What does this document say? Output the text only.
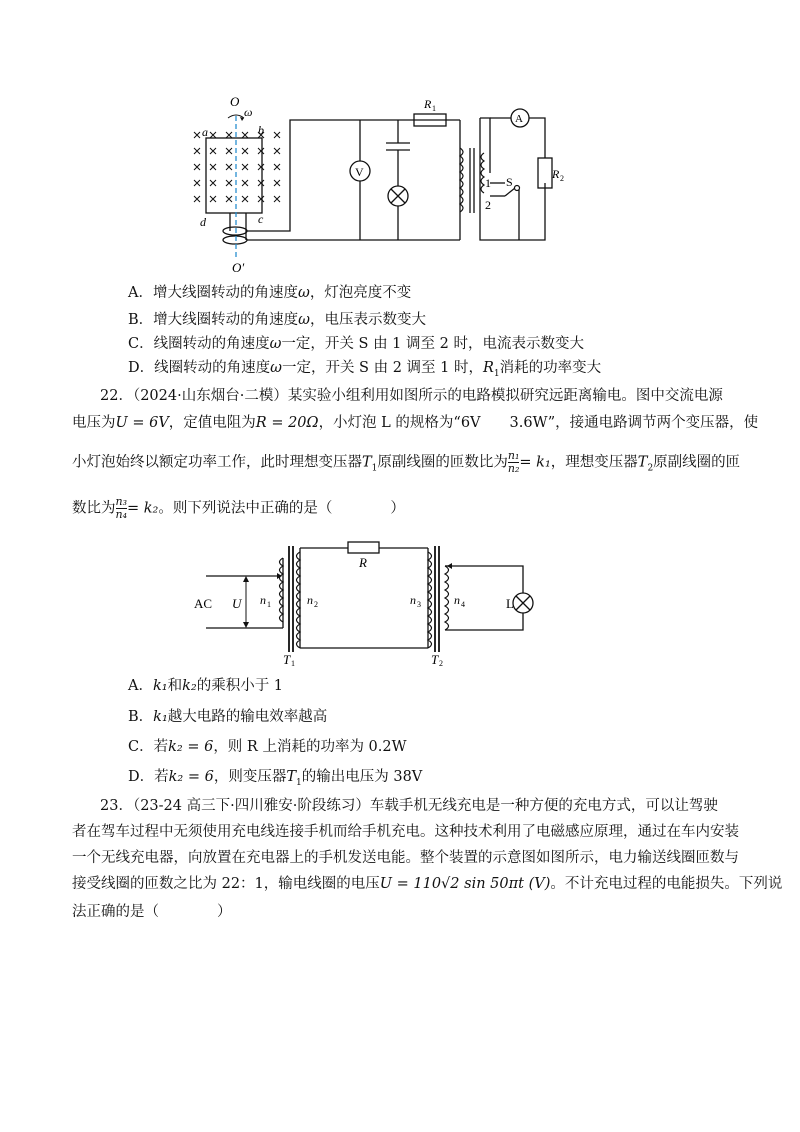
V
A
O
ω
O′
a	b
c
d
R 1
R 2
S
1
2
A．增大线圈转动的角速度ω，灯泡亮度不变
B．增大线圈转动的角速度ω，电压表示数变大
C．线圈转动的角速度ω一定，开关 S 由 1 调至 2 时，电流表示数变大
D．线圈转动的角速度ω一定，开关 S 由 2 调至 1 时，$R_1$消耗的功率变大
22．（2024·山东烟台·二模）某实验小组利用如图所示的电路模拟研究远距离输电。图中交流电源
电压为U = 6V，定值电阻为R = 20Ω，小灯泡 L 的规格为“6V　　3.6W”，接通电路调节两个变压器，使
小灯泡始终以额定功率工作，此时理想变压器$T_1$原副线圈的匝数比为 $\frac{\text{n₁}}{\text{n₂}} = k_1$，理想变压器$T_2$原副线圈的匝
数比为 $\frac{\text{n₃}}{\text{n₄}} = k_2$。则下列说法中正确的是（　　　　）
AC U n 1	n 2	n 3	n 4
R
L
T 1	T 2
A．k₁和k₂的乘积小于 1
B．k₁越大电路的输电效率越高
C．若k₂ = 6，则 R 上消耗的功率为 0.2W
D．若k₂ = 6，则变压器$T_1$的输出电压为 38V
23．（23-24 高三下·四川雅安·阶段练习）车载手机无线充电是一种方便的充电方式，可以让驾驶
者在驾车过程中无须使用充电线连接手机而给手机充电。这种技术利用了电磁感应原理，通过在车内安装
一个无线充电器，向放置在充电器上的手机发送电能。整个装置的示意图如图所示，电力输送线圈匝数与
接受线圈的匝数之比为 22：1，输电线圈的电压U = 110√2 sin 50πt (V)。不计充电过程的电能损失。下列说
法正确的是（　　　　）
